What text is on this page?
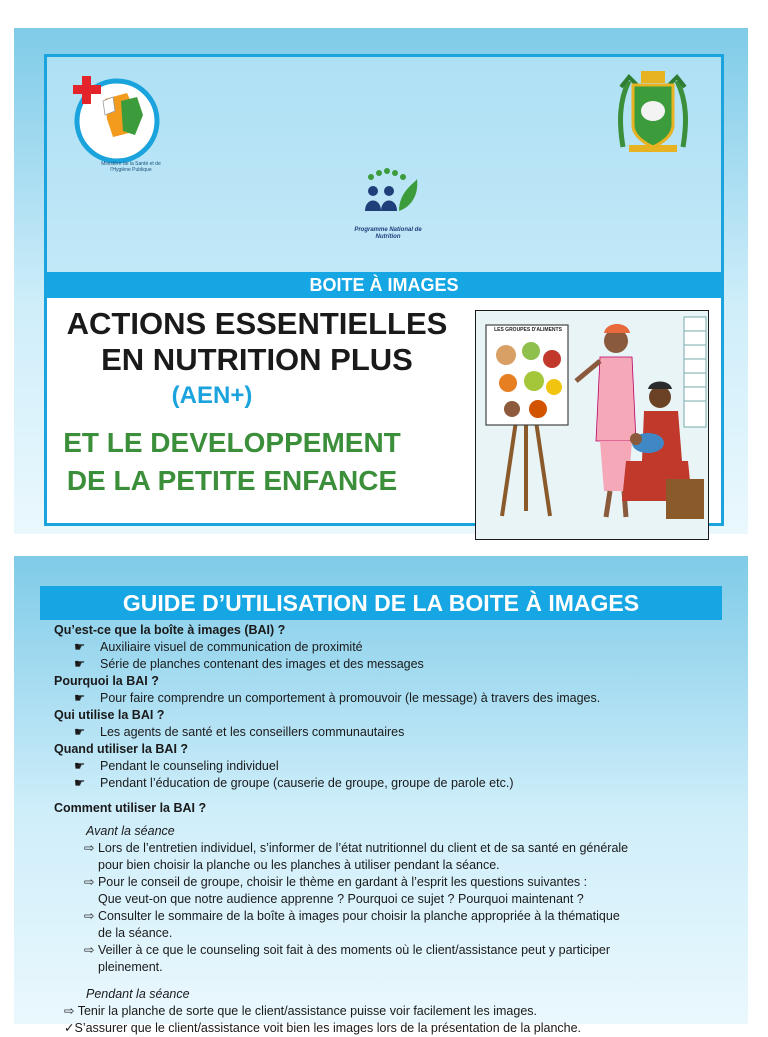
Ministère de la Santé et de l'Hygiène Publique
Programme National de Nutrition
BOITE À IMAGES
ACTIONS ESSENTIELLES
EN NUTRITION PLUS
(AEN+)
ET LE DEVELOPPEMENT
DE LA PETITE ENFANCE
LES GROUPES D'ALIMENTS
GUIDE D’UTILISATION DE LA BOITE À IMAGES
Qu’est-ce que la boîte à images (BAI) ?
☛ Auxiliaire visuel de communication de proximité
☛ Série de planches contenant des images et des messages
Pourquoi la BAI ?
☛ Pour faire comprendre un comportement à promouvoir (le message) à travers des images.
Qui utilise la BAI ?
☛ Les agents de santé et les conseillers communautaires
Quand utiliser la BAI ?
☛ Pendant le counseling individuel
☛ Pendant l’éducation de groupe (causerie de groupe, groupe de parole etc.)
Comment utiliser la BAI ?
Avant la séance
⇨ Lors de l’entretien individuel, s’informer de l’état nutritionnel du client et de sa santé en générale
pour bien choisir la planche ou les planches à utiliser pendant la séance.
⇨ Pour le conseil de groupe, choisir le thème en gardant à l’esprit les questions suivantes :
Que veut-on que notre audience apprenne ? Pourquoi ce sujet ? Pourquoi maintenant ?
⇨ Consulter le sommaire de la boîte à images pour choisir la planche appropriée à la thématique
de la séance.
⇨ Veiller à ce que le counseling soit fait à des moments où le client/assistance peut y participer
pleinement.
Pendant la séance
⇨ Tenir la planche de sorte que le client/assistance puisse voir facilement les images.
✓S’assurer que le client/assistance voit bien les images lors de la présentation de la planche.
